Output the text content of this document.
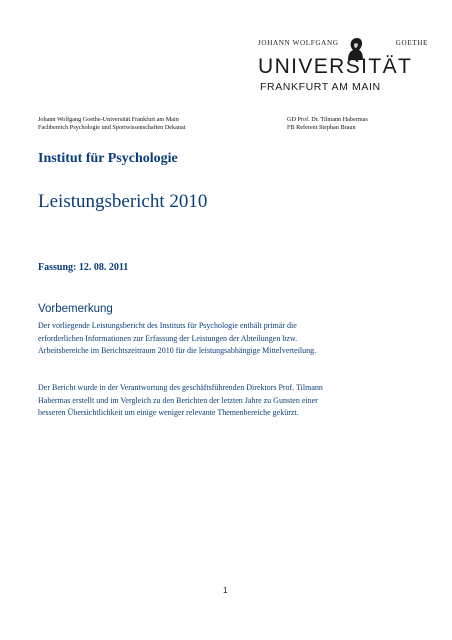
JOHANN WOLFGANG	GOETHE
UNIVERSITÄT
FRANKFURT AM MAIN
Johann Wolfgang Goethe-Universität Frankfurt am Main
Fachbereich Psychologie und Sportwissenschaften Dekanat
GD Prof. Dr. Tilmann Habermas
FB Referent Stephan Braun
Institut für Psychologie
Leistungsbericht 2010
Fassung: 12. 08. 2011
Vorbemerkung
Der vorliegende Leistungsbericht des Instituts für Psychologie enthält primär die
erforderlichen Informationen zur Erfassung der Leistungen der Abteilungen bzw.
Arbeitsbereiche im Berichtszeitraum 2010 für die leistungsabhängige Mittelverteilung.
Der Bericht wurde in der Verantwortung des geschäftsführenden Direktors Prof. Tilmann
Habermas erstellt und im Vergleich zu den Berichten der letzten Jahre zu Gunsten einer
besseren Übersichtlichkeit um einige weniger relevante Themenbereiche gekürzt.
1
